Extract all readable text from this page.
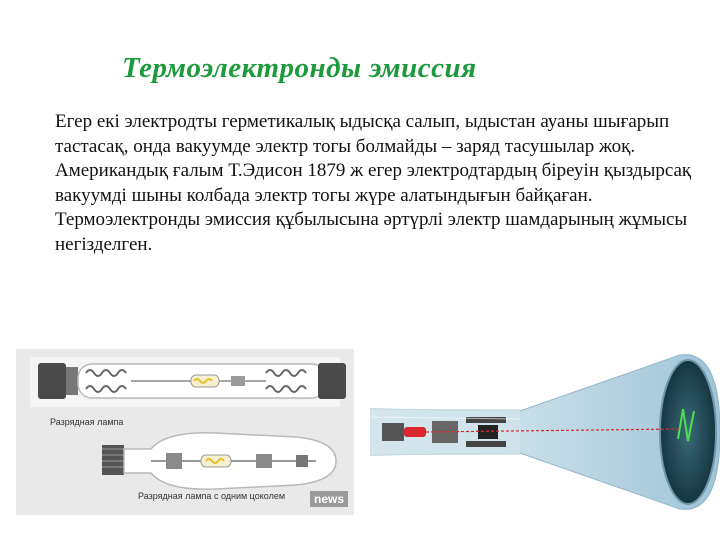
Термоэлектронды эмиссия

Егер екі электродты герметикалық ыдысқа салып, ыдыстан ауаны шығарып тастасақ, онда вакуумде электр тогы болмайды – заряд тасушылар жоқ.

Американдық ғалым Т.Эдисон 1879 ж егер электродтардың біреуін қыздырсақ вакуумді шыны колбада электр тогы жүре алатындығын байқаған.

Термоэлектронды эмиссия құбылысына әртүрлі электр шамдарының жұмысы негізделген.

Разрядная лампа
Разрядная лампа с одним цоколем	news
